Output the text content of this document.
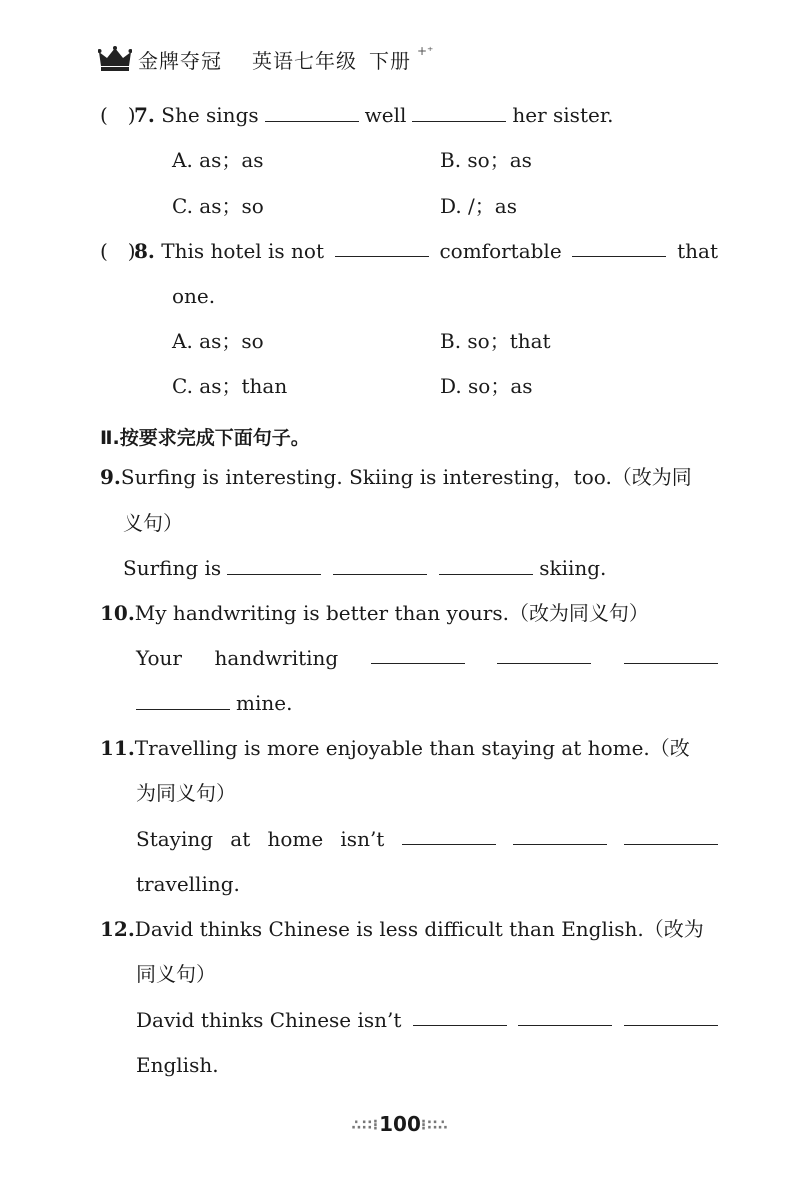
金牌夺冠 英语七年级 下册 +⁺
(　)7. She sings	well	her sister.
A. as；as	B. so；as
C. as；so	D. /；as
(　)8. This hotel is not	comfortable	that
one.
A. as；so	B. so；that
C. as；than	D. so；as
Ⅱ.按要求完成下面句子。
9.Surfing is interesting. Skiing is interesting，too.（改为同
义句）
Surfing is	skiing.
10.My handwriting is better than yours.（改为同义句）
Your handwriting
mine.
11.Travelling is more enjoyable than staying at home.（改
为同义句）
Staying at home isn’t
travelling.
12.David thinks Chinese is less difficult than English.（改为
同义句）
David thinks Chinese isn’t
English.
∴∷⁝100⁝∷∴
